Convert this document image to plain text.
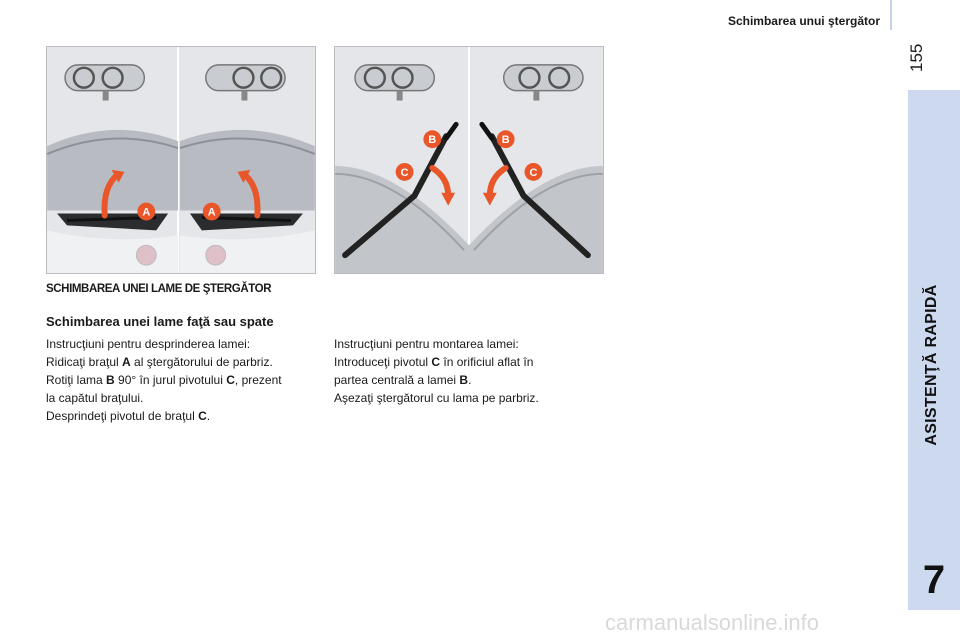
Schimbarea unui ştergător
155
ASISTENŢĂ RAPIDĂ
7
A	A
B
C
B
C
SCHIMBAREA UNEI LAME DE ŞTERGĂTOR
Schimbarea unei lame faţă sau spate

Instrucţiuni pentru desprinderea lamei:

Ridicaţi braţul A al ştergătorului de parbriz.

Rotiţi lama B 90° în jurul pivotului C, prezent

la capătul braţului.

Desprindeţi pivotul de braţul C.

Instrucţiuni pentru montarea lamei:

Introduceţi pivotul C în orificiul aflat în

partea centrală a lamei B.

Aşezaţi ştergătorul cu lama pe parbriz.

carmanualsonline.info
